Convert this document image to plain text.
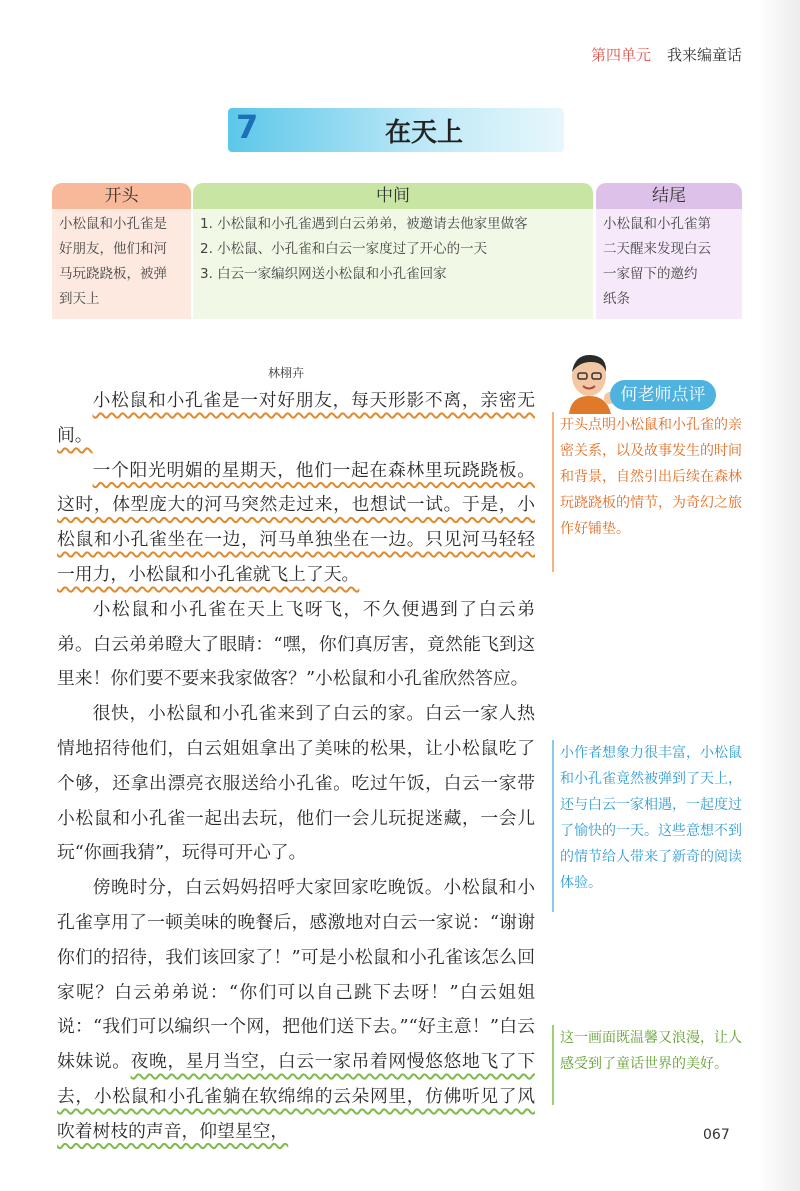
第四单元 我来编童话
7	在天上
开头
小松鼠和小孔雀是
好朋友，他们和河
马玩跷跷板，被弹
到天上
中间
1. 小松鼠和小孔雀遇到白云弟弟，被邀请去他家里做客
2. 小松鼠、小孔雀和白云一家度过了开心的一天
3. 白云一家编织网送小松鼠和小孔雀回家
结尾
小松鼠和小孔雀第
二天醒来发现白云
一家留下的邀约
纸条
林栩卉

小松鼠和小孔雀是一对好朋友，每天形影不离，亲密无间。

一个阳光明媚的星期天，他们一起在森林里玩跷跷板。这时，体型庞大的河马突然走过来，也想试一试。于是，小松鼠和小孔雀坐在一边，河马单独坐在一边。只见河马轻轻一用力，小松鼠和小孔雀就飞上了天。

小松鼠和小孔雀在天上飞呀飞，不久便遇到了白云弟弟。白云弟弟瞪大了眼睛：“嘿，你们真厉害，竟然能飞到这里来！你们要不要来我家做客？”小松鼠和小孔雀欣然答应。

很快，小松鼠和小孔雀来到了白云的家。白云一家人热情地招待他们，白云姐姐拿出了美味的松果，让小松鼠吃了个够，还拿出漂亮衣服送给小孔雀。吃过午饭，白云一家带小松鼠和小孔雀一起出去玩，他们一会儿玩捉迷藏，一会儿玩“你画我猜”，玩得可开心了。

傍晚时分，白云妈妈招呼大家回家吃晚饭。小松鼠和小孔雀享用了一顿美味的晚餐后，感激地对白云一家说：“谢谢你们的招待，我们该回家了！”可是小松鼠和小孔雀该怎么回家呢？白云弟弟说：“你们可以自己跳下去呀！”白云姐姐说：“我们可以编织一个网，把他们送下去。”“好主意！”白云妹妹说。夜晚，星月当空，白云一家吊着网慢悠悠地飞了下去，小松鼠和小孔雀躺在软绵绵的云朵网里，仿佛听见了风吹着树枝的声音，仰望星空，

何老师点评
开头点明小松鼠和小孔雀的亲密关系，以及故事发生的时间和背景，自然引出后续在森林玩跷跷板的情节，为奇幻之旅作好铺垫。
小作者想象力很丰富，小松鼠和小孔雀竟然被弹到了天上，还与白云一家相遇，一起度过了愉快的一天。这些意想不到的情节给人带来了新奇的阅读体验。
这一画面既温馨又浪漫，让人感受到了童话世界的美好。
067
